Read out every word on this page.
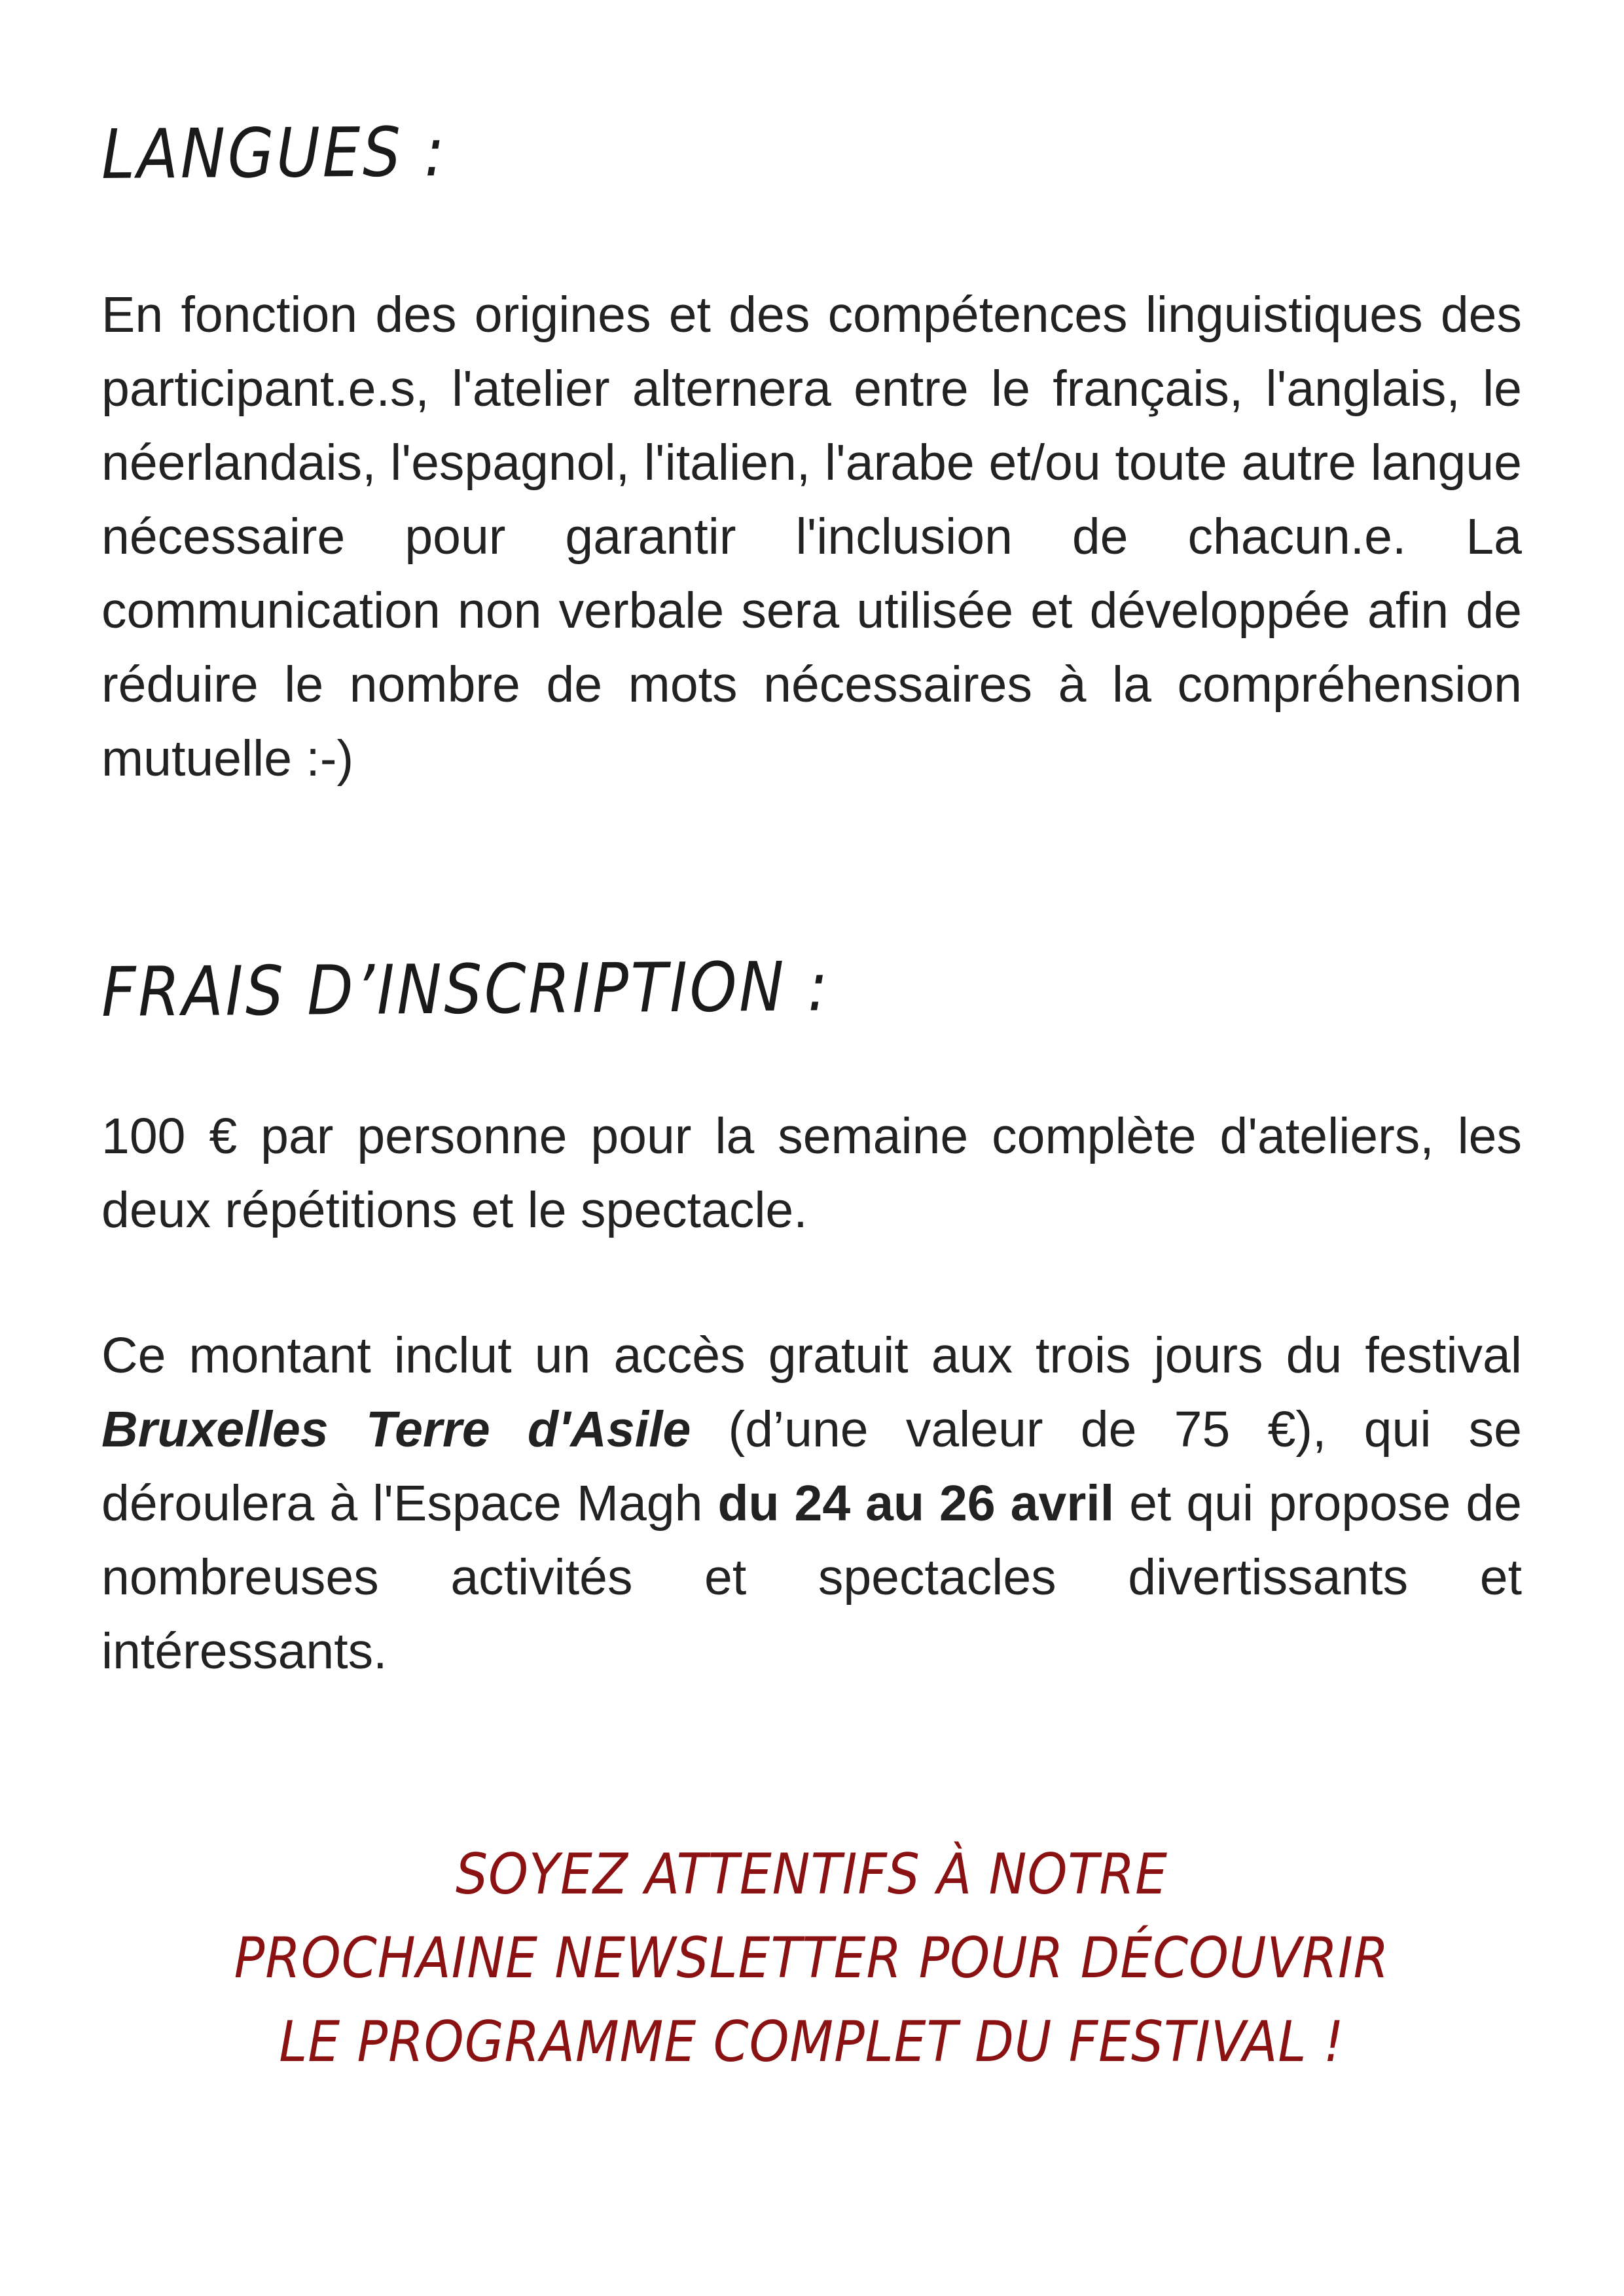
LANGUES :

En fonction des origines et des compétences linguistiques des participant.e.s, l'atelier alternera entre le français, l'anglais, le néerlandais, l'espagnol, l'italien, l'arabe et/ou toute autre langue nécessaire pour garantir l'inclusion de chacun.e. La communication non verbale sera utilisée et développée afin de réduire le nombre de mots nécessaires à la compréhension mutuelle :-)

FRAIS D’INSCRIPTION :

100 € par personne pour la semaine complète d'ateliers, les deux répétitions et le spectacle.

Ce montant inclut un accès gratuit aux trois jours du festival Bruxelles Terre d'Asile (d’une valeur de 75 €), qui se déroulera à l'Espace Magh du 24 au 26 avril et qui propose de nombreuses activités et spectacles divertissants et intéressants.

SOYEZ ATTENTIFS À NOTRE
PROCHAINE NEWSLETTER POUR DÉCOUVRIR
LE PROGRAMME COMPLET DU FESTIVAL !
